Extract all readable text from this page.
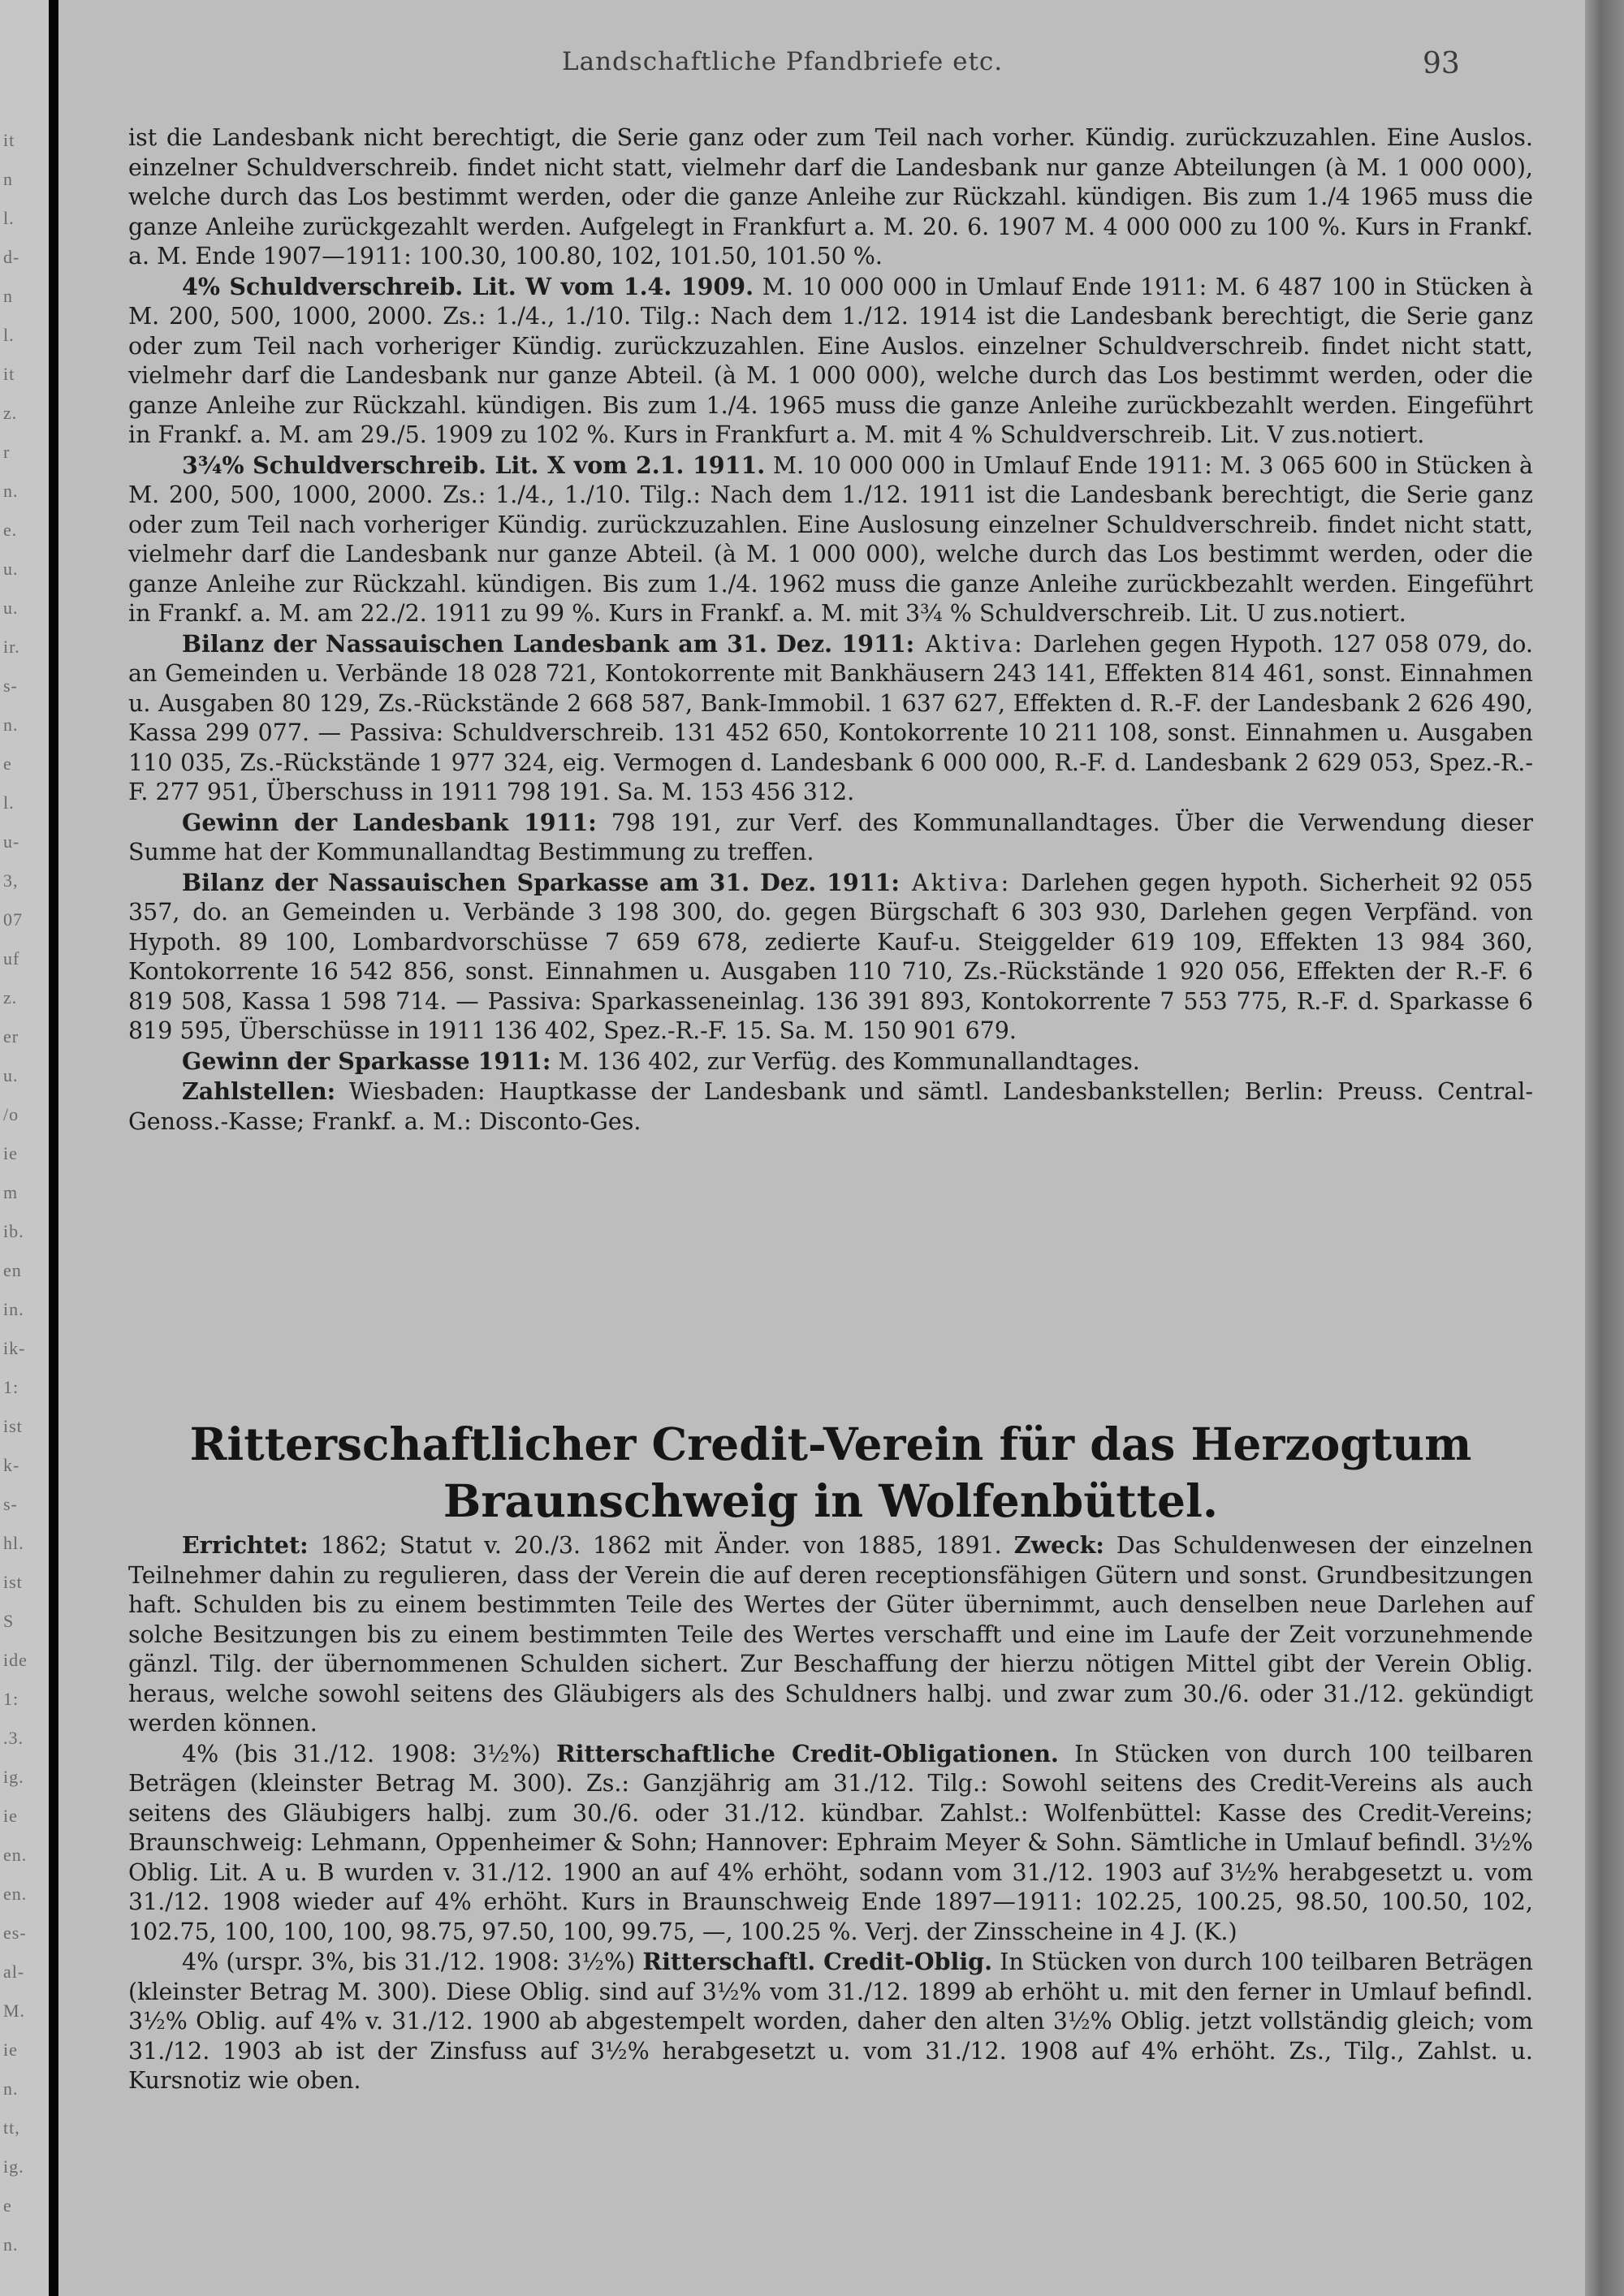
it
n
l.
d-
n
l.
it
z.
r
n.
e.
u.
u.
ir.
s-
n.
e
l.
u-
3,
07
uf
z.
er
u.
/o
ie
m
ib.
en
in.
ik-
1:
ist
k-
s-
hl.
ist
S
ide
1:
.3.
ig.
ie
en.
en.
es-
al-
M.
ie
n.
tt,
ig.
e
n.
Landschaftliche Pfandbriefe etc.	93

ist die Landesbank nicht berechtigt, die Serie ganz oder zum Teil nach vorher. Kündig. zurückzuzahlen. Eine Auslos. einzelner Schuldverschreib. findet nicht statt, vielmehr darf die Landesbank nur ganze Abteilungen (à M. 1 000 000), welche durch das Los bestimmt werden, oder die ganze Anleihe zur Rückzahl. kündigen. Bis zum 1./4 1965 muss die ganze Anleihe zurückgezahlt werden. Aufgelegt in Frankfurt a. M. 20. 6. 1907 M. 4 000 000 zu 100 %. Kurs in Frankf. a. M. Ende 1907—1911: 100.30, 100.80, 102, 101.50, 101.50 %.

4% Schuldverschreib. Lit. W vom 1.4. 1909. M. 10 000 000 in Umlauf Ende 1911: M. 6 487 100 in Stücken à M. 200, 500, 1000, 2000. Zs.: 1./4., 1./10. Tilg.: Nach dem 1./12. 1914 ist die Landesbank berechtigt, die Serie ganz oder zum Teil nach vorheriger Kündig. zurückzuzahlen. Eine Auslos. einzelner Schuldverschreib. findet nicht statt, vielmehr darf die Landesbank nur ganze Abteil. (à M. 1 000 000), welche durch das Los bestimmt werden, oder die ganze Anleihe zur Rückzahl. kündigen. Bis zum 1./4. 1965 muss die ganze Anleihe zurückbezahlt werden. Eingeführt in Frankf. a. M. am 29./5. 1909 zu 102 %. Kurs in Frankfurt a. M. mit 4 % Schuldverschreib. Lit. V zus.notiert.

3¾% Schuldverschreib. Lit. X vom 2.1. 1911. M. 10 000 000 in Umlauf Ende 1911: M. 3 065 600 in Stücken à M. 200, 500, 1000, 2000. Zs.: 1./4., 1./10. Tilg.: Nach dem 1./12. 1911 ist die Landesbank berechtigt, die Serie ganz oder zum Teil nach vorheriger Kündig. zurückzuzahlen. Eine Auslosung einzelner Schuldverschreib. findet nicht statt, vielmehr darf die Landesbank nur ganze Abteil. (à M. 1 000 000), welche durch das Los bestimmt werden, oder die ganze Anleihe zur Rückzahl. kündigen. Bis zum 1./4. 1962 muss die ganze Anleihe zurückbezahlt werden. Eingeführt in Frankf. a. M. am 22./2. 1911 zu 99 %. Kurs in Frankf. a. M. mit 3¾ % Schuldverschreib. Lit. U zus.notiert.

Bilanz der Nassauischen Landesbank am 31. Dez. 1911: Aktiva: Darlehen gegen Hypoth. 127 058 079, do. an Gemeinden u. Verbände 18 028 721, Kontokorrente mit Bankhäusern 243 141, Effekten 814 461, sonst. Einnahmen u. Ausgaben 80 129, Zs.-Rückstände 2 668 587, Bank-Immobil. 1 637 627, Effekten d. R.-F. der Landesbank 2 626 490, Kassa 299 077. — Passiva: Schuldverschreib. 131 452 650, Kontokorrente 10 211 108, sonst. Einnahmen u. Ausgaben 110 035, Zs.-Rückstände 1 977 324, eig. Vermogen d. Landesbank 6 000 000, R.-F. d. Landesbank 2 629 053, Spez.-R.-F. 277 951, Überschuss in 1911 798 191. Sa. M. 153 456 312.

Gewinn der Landesbank 1911: 798 191, zur Verf. des Kommunallandtages. Über die Verwendung dieser Summe hat der Kommunallandtag Bestimmung zu treffen.

Bilanz der Nassauischen Sparkasse am 31. Dez. 1911: Aktiva: Darlehen gegen hypoth. Sicherheit 92 055 357, do. an Gemeinden u. Verbände 3 198 300, do. gegen Bürgschaft 6 303 930, Darlehen gegen Verpfänd. von Hypoth. 89 100, Lombardvorschüsse 7 659 678, zedierte Kauf-u. Steiggelder 619 109, Effekten 13 984 360, Kontokorrente 16 542 856, sonst. Einnahmen u. Ausgaben 110 710, Zs.-Rückstände 1 920 056, Effekten der R.-F. 6 819 508, Kassa 1 598 714. — Passiva: Sparkasseneinlag. 136 391 893, Kontokorrente 7 553 775, R.-F. d. Sparkasse 6 819 595, Überschüsse in 1911 136 402, Spez.-R.-F. 15. Sa. M. 150 901 679.

Gewinn der Sparkasse 1911: M. 136 402, zur Verfüg. des Kommunallandtages.

Zahlstellen: Wiesbaden: Hauptkasse der Landesbank und sämtl. Landesbankstellen; Berlin: Preuss. Central-Genoss.-Kasse; Frankf. a. M.: Disconto-Ges.

Ritterschaftlicher Credit-Verein für das Herzogtum Braunschweig in Wolfenbüttel.

Errichtet: 1862; Statut v. 20./3. 1862 mit Änder. von 1885, 1891. Zweck: Das Schuldenwesen der einzelnen Teilnehmer dahin zu regulieren, dass der Verein die auf deren receptionsfähigen Gütern und sonst. Grundbesitzungen haft. Schulden bis zu einem bestimmten Teile des Wertes der Güter übernimmt, auch denselben neue Darlehen auf solche Besitzungen bis zu einem bestimmten Teile des Wertes verschafft und eine im Laufe der Zeit vorzunehmende gänzl. Tilg. der übernommenen Schulden sichert. Zur Beschaffung der hierzu nötigen Mittel gibt der Verein Oblig. heraus, welche sowohl seitens des Gläubigers als des Schuldners halbj. und zwar zum 30./6. oder 31./12. gekündigt werden können.

4% (bis 31./12. 1908: 3½%) Ritterschaftliche Credit-Obligationen. In Stücken von durch 100 teilbaren Beträgen (kleinster Betrag M. 300). Zs.: Ganzjährig am 31./12. Tilg.: Sowohl seitens des Credit-Vereins als auch seitens des Gläubigers halbj. zum 30./6. oder 31./12. kündbar. Zahlst.: Wolfenbüttel: Kasse des Credit-Vereins; Braunschweig: Lehmann, Oppenheimer & Sohn; Hannover: Ephraim Meyer & Sohn. Sämtliche in Umlauf befindl. 3½% Oblig. Lit. A u. B wurden v. 31./12. 1900 an auf 4% erhöht, sodann vom 31./12. 1903 auf 3½% herabgesetzt u. vom 31./12. 1908 wieder auf 4% erhöht. Kurs in Braunschweig Ende 1897—1911: 102.25, 100.25, 98.50, 100.50, 102, 102.75, 100, 100, 100, 98.75, 97.50, 100, 99.75, —, 100.25 %. Verj. der Zinsscheine in 4 J. (K.)

4% (urspr. 3%, bis 31./12. 1908: 3½%) Ritterschaftl. Credit-Oblig. In Stücken von durch 100 teilbaren Beträgen (kleinster Betrag M. 300). Diese Oblig. sind auf 3½% vom 31./12. 1899 ab erhöht u. mit den ferner in Umlauf befindl. 3½% Oblig. auf 4% v. 31./12. 1900 ab abgestempelt worden, daher den alten 3½% Oblig. jetzt vollständig gleich; vom 31./12. 1903 ab ist der Zinsfuss auf 3½% herabgesetzt u. vom 31./12. 1908 auf 4% erhöht. Zs., Tilg., Zahlst. u. Kursnotiz wie oben.
